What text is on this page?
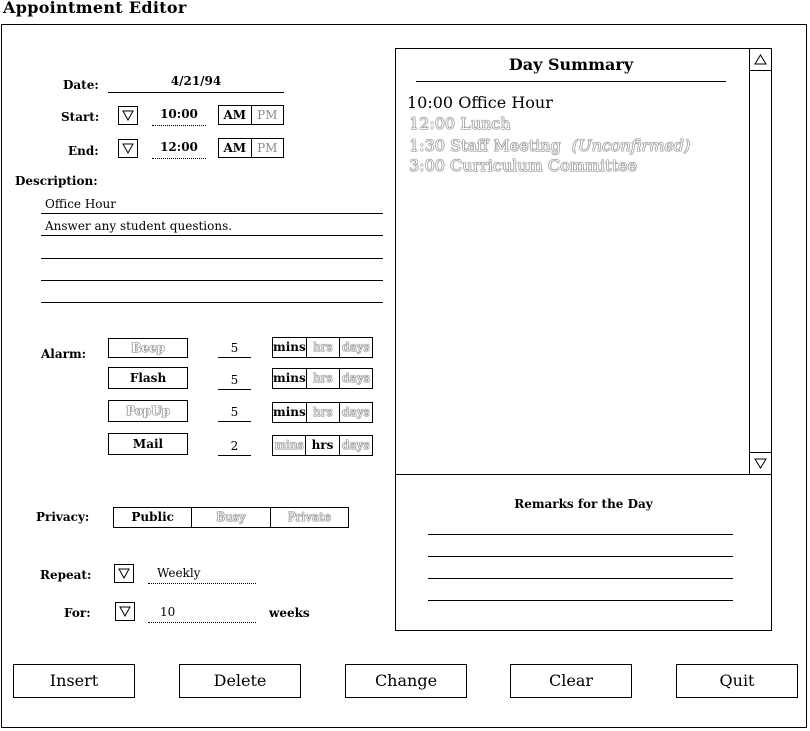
Appointment Editor
Date:	4/21/94
Start:	10:00	AM PM
End:	12:00	AM PM
Description:
Office Hour
Answer any student questions.
Alarm:	Beep	5	mins hrs days
Flash	5	mins hrs days
PopUp	5	mins hrs days
Mail	2	mins hrs days
Privacy:	Public	Busy	Private
Repeat:	Weekly
For:	10	weeks
Day Summary
10:00 Office Hour
12:00 Lunch
1:30 Staff Meeting (Unconfirmed)
3:00 Curriculum Committee
Remarks for the Day
Insert	Delete	Change	Clear	Quit
